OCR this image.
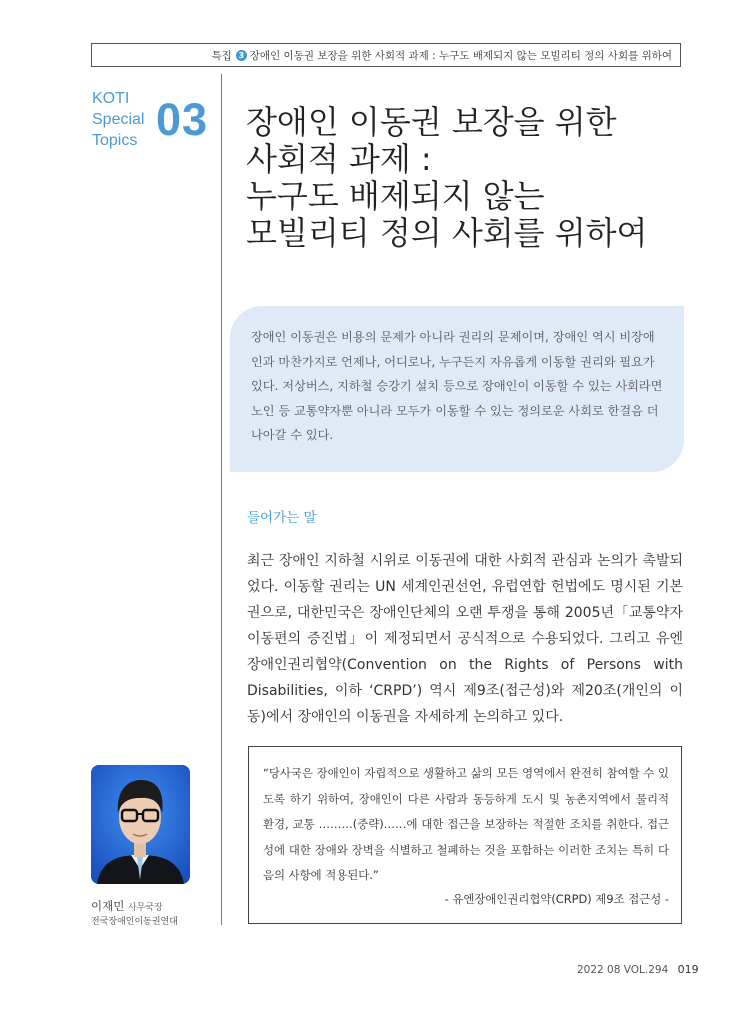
특집 3 장애인 이동권 보장을 위한 사회적 과제 : 누구도 배제되지 않는 모빌리티 정의 사회를 위하여
KOTI
Special
Topics 03 장애인 이동권 보장을 위한
사회적 과제 :
누구도 배제되지 않는
모빌리티 정의 사회를 위하여
장애인 이동권은 비용의 문제가 아니라 권리의 문제이며, 장애인 역시 비장애인과 마찬가지로 언제나, 어디로나, 누구든지 자유롭게 이동할 권리와 필요가 있다. 저상버스, 지하철 승강기 설치 등으로 장애인이 이동할 수 있는 사회라면 노인 등 교통약자뿐 아니라 모두가 이동할 수 있는 정의로운 사회로 한걸음 더 나아갈 수 있다.
들어가는 말
최근 장애인 지하철 시위로 이동권에 대한 사회적 관심과 논의가 촉발되었다. 이동할 권리는 UN 세계인권선언, 유럽연합 헌법에도 명시된 기본권으로, 대한민국은 장애인단체의 오랜 투쟁을 통해 2005년「교통약자 이동편의 증진법」이 제정되면서 공식적으로 수용되었다. 그리고 유엔장애인권리협약(Convention on the Rights of Persons with Disabilities, 이하 ‘CRPD’) 역시 제9조(접근성)와 제20조(개인의 이동)에서 장애인의 이동권을 자세하게 논의하고 있다.
“당사국은 장애인이 자립적으로 생활하고 삶의 모든 영역에서 완전히 참여할 수 있도록 하기 위하여, 장애인이 다른 사람과 동등하게 도시 및 농촌지역에서 물리적 환경, 교통 ………(중략)……에 대한 접근을 보장하는 적절한 조치를 취한다. 접근성에 대한 장애와 장벽을 식별하고 철폐하는 것을 포함하는 이러한 조치는 특히 다음의 사항에 적용된다.”
- 유엔장애인권리협약(CRPD) 제9조 접근성 -
이재민 사무국장
전국장애인이동권연대
2022 08 VOL.294 019
